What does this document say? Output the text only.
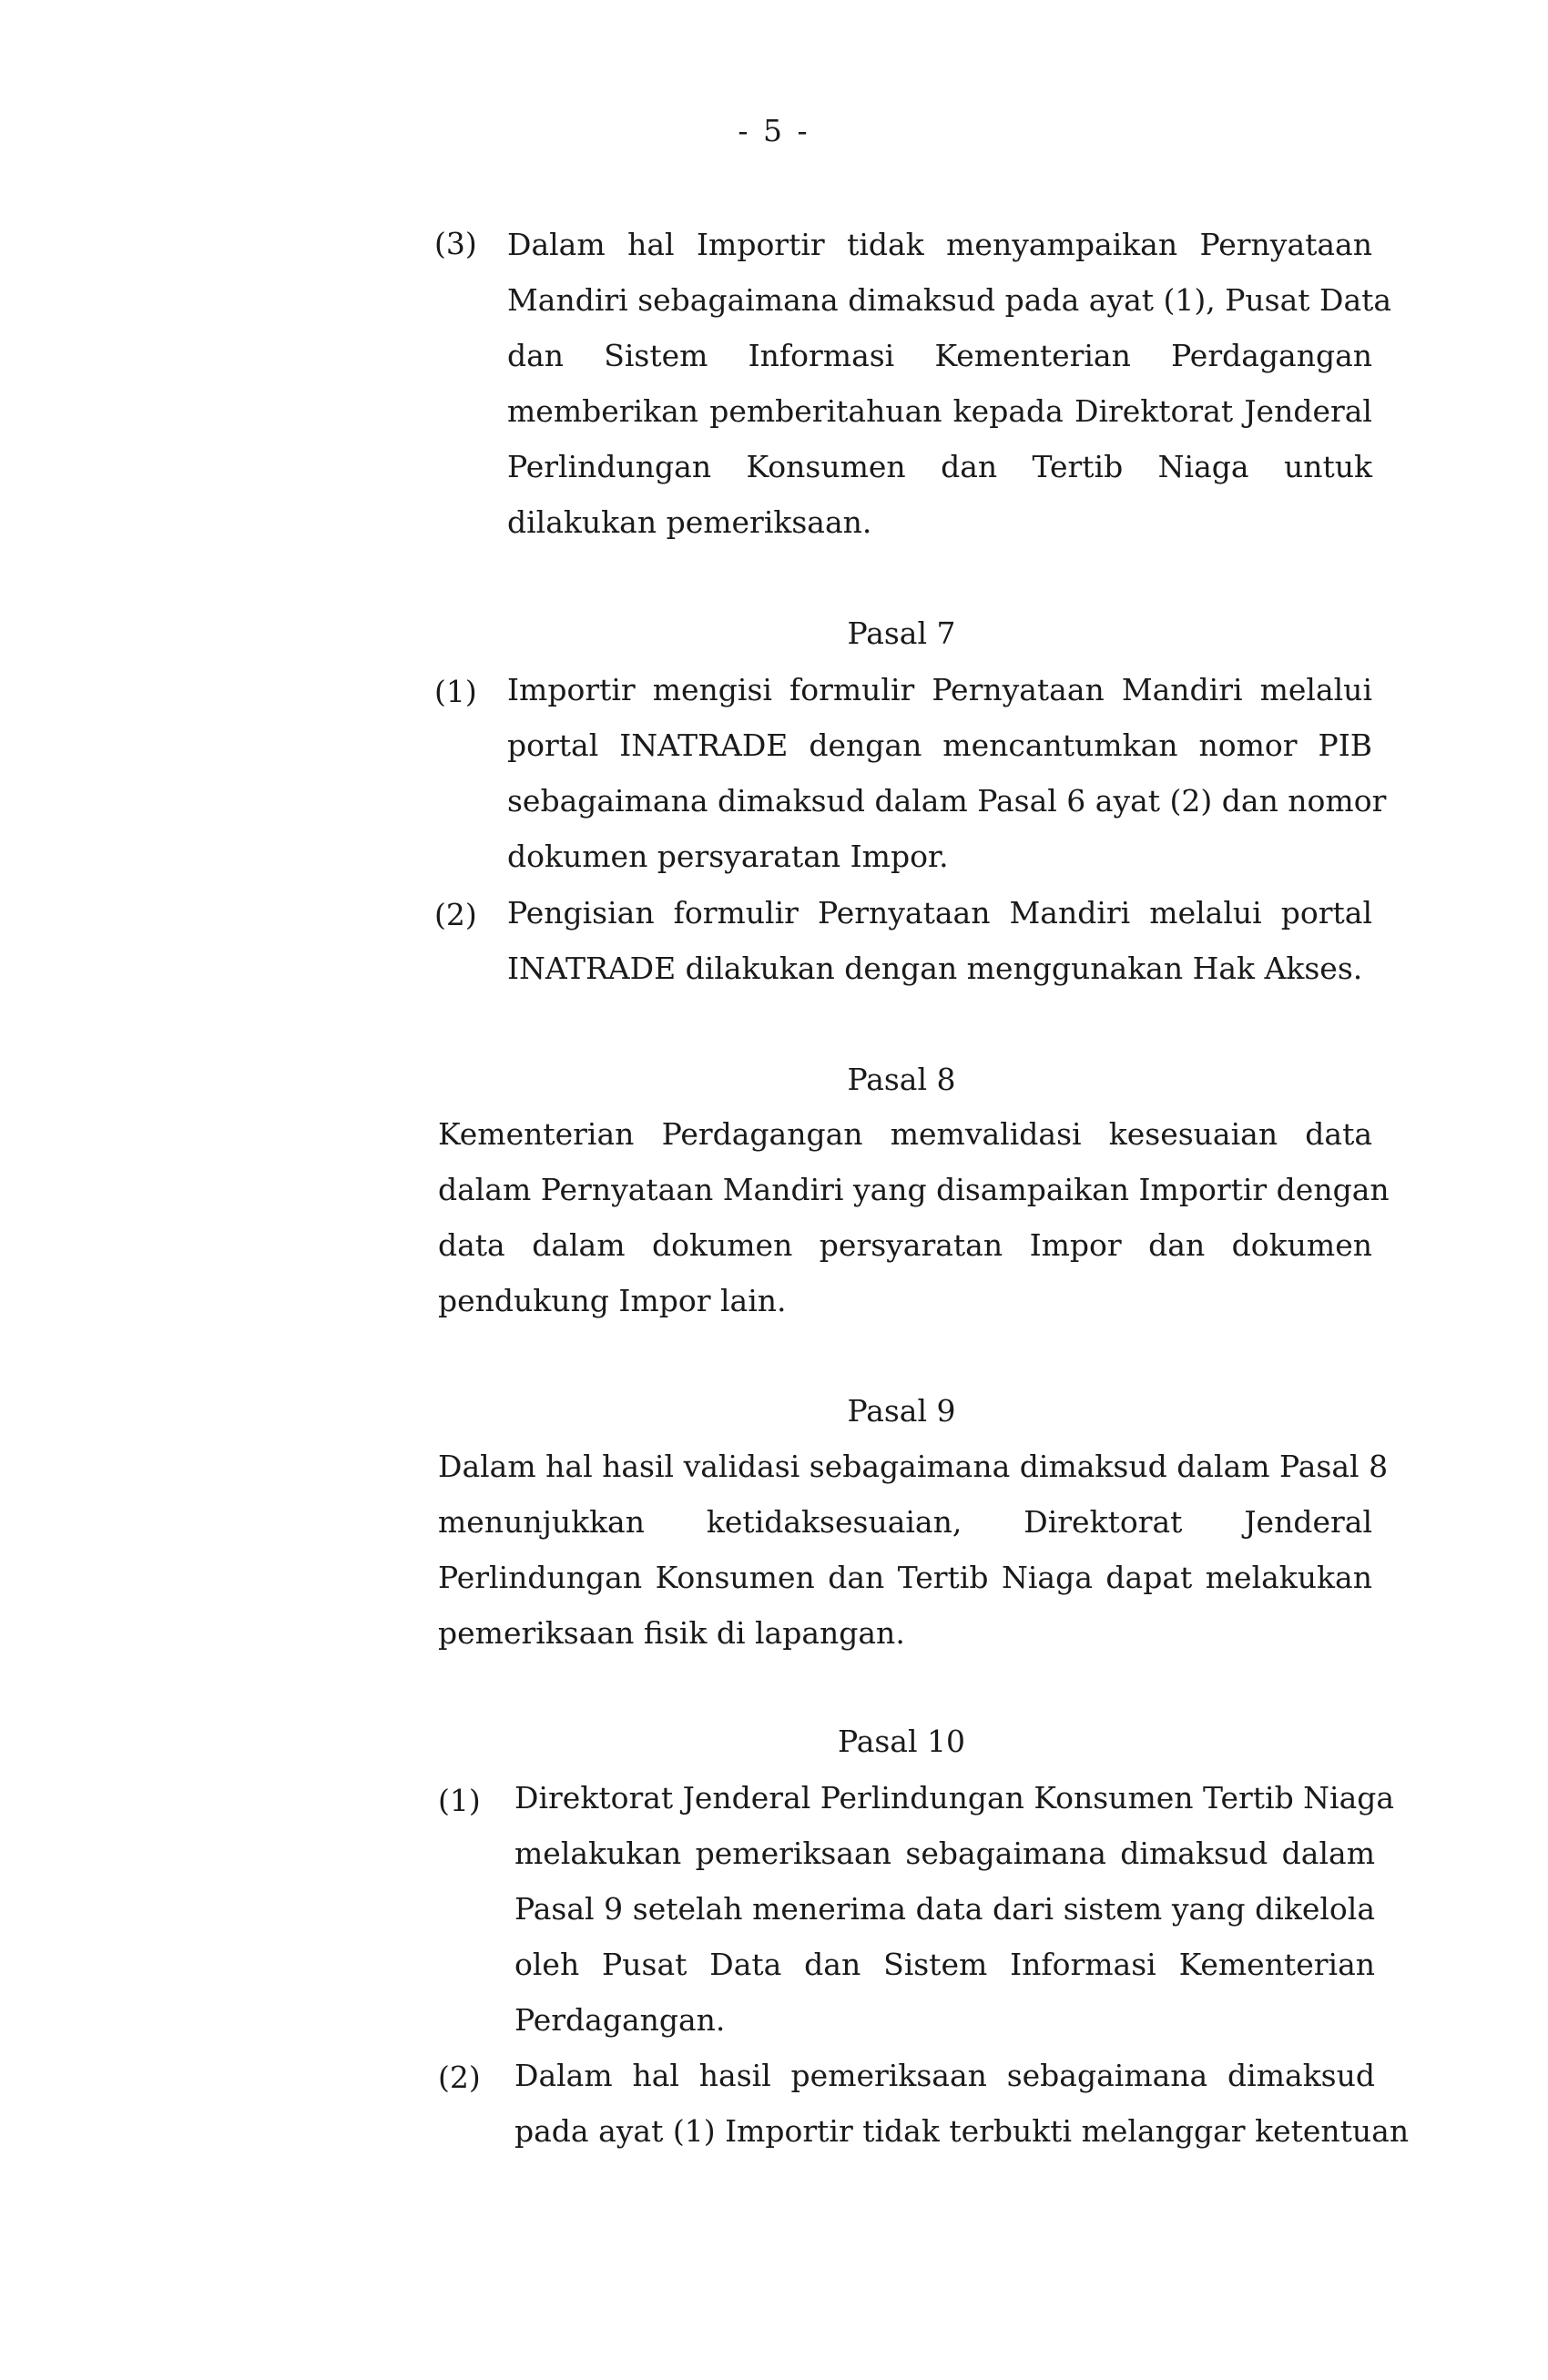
- 5 -
(3) Dalam hal Importir tidak menyampaikan Pernyataan
Mandiri sebagaimana dimaksud pada ayat (1), Pusat Data
dan Sistem Informasi Kementerian Perdagangan
memberikan pemberitahuan kepada Direktorat Jenderal
Perlindungan Konsumen dan Tertib Niaga untuk
dilakukan pemeriksaan.
Pasal 7
(1) Importir mengisi formulir Pernyataan Mandiri melalui
portal INATRADE dengan mencantumkan nomor PIB
sebagaimana dimaksud dalam Pasal 6 ayat (2) dan nomor
dokumen persyaratan Impor.
(2) Pengisian formulir Pernyataan Mandiri melalui portal
INATRADE dilakukan dengan menggunakan Hak Akses.
Pasal 8
Kementerian Perdagangan memvalidasi kesesuaian data
dalam Pernyataan Mandiri yang disampaikan Importir dengan
data dalam dokumen persyaratan Impor dan dokumen
pendukung Impor lain.
Pasal 9
Dalam hal hasil validasi sebagaimana dimaksud dalam Pasal 8
menunjukkan ketidaksesuaian, Direktorat Jenderal
Perlindungan Konsumen dan Tertib Niaga dapat melakukan
pemeriksaan fisik di lapangan.
Pasal 10
(1) Direktorat Jenderal Perlindungan Konsumen Tertib Niaga
melakukan pemeriksaan sebagaimana dimaksud dalam
Pasal 9 setelah menerima data dari sistem yang dikelola
oleh Pusat Data dan Sistem Informasi Kementerian
Perdagangan.
(2) Dalam hal hasil pemeriksaan sebagaimana dimaksud
pada ayat (1) Importir tidak terbukti melanggar ketentuan
